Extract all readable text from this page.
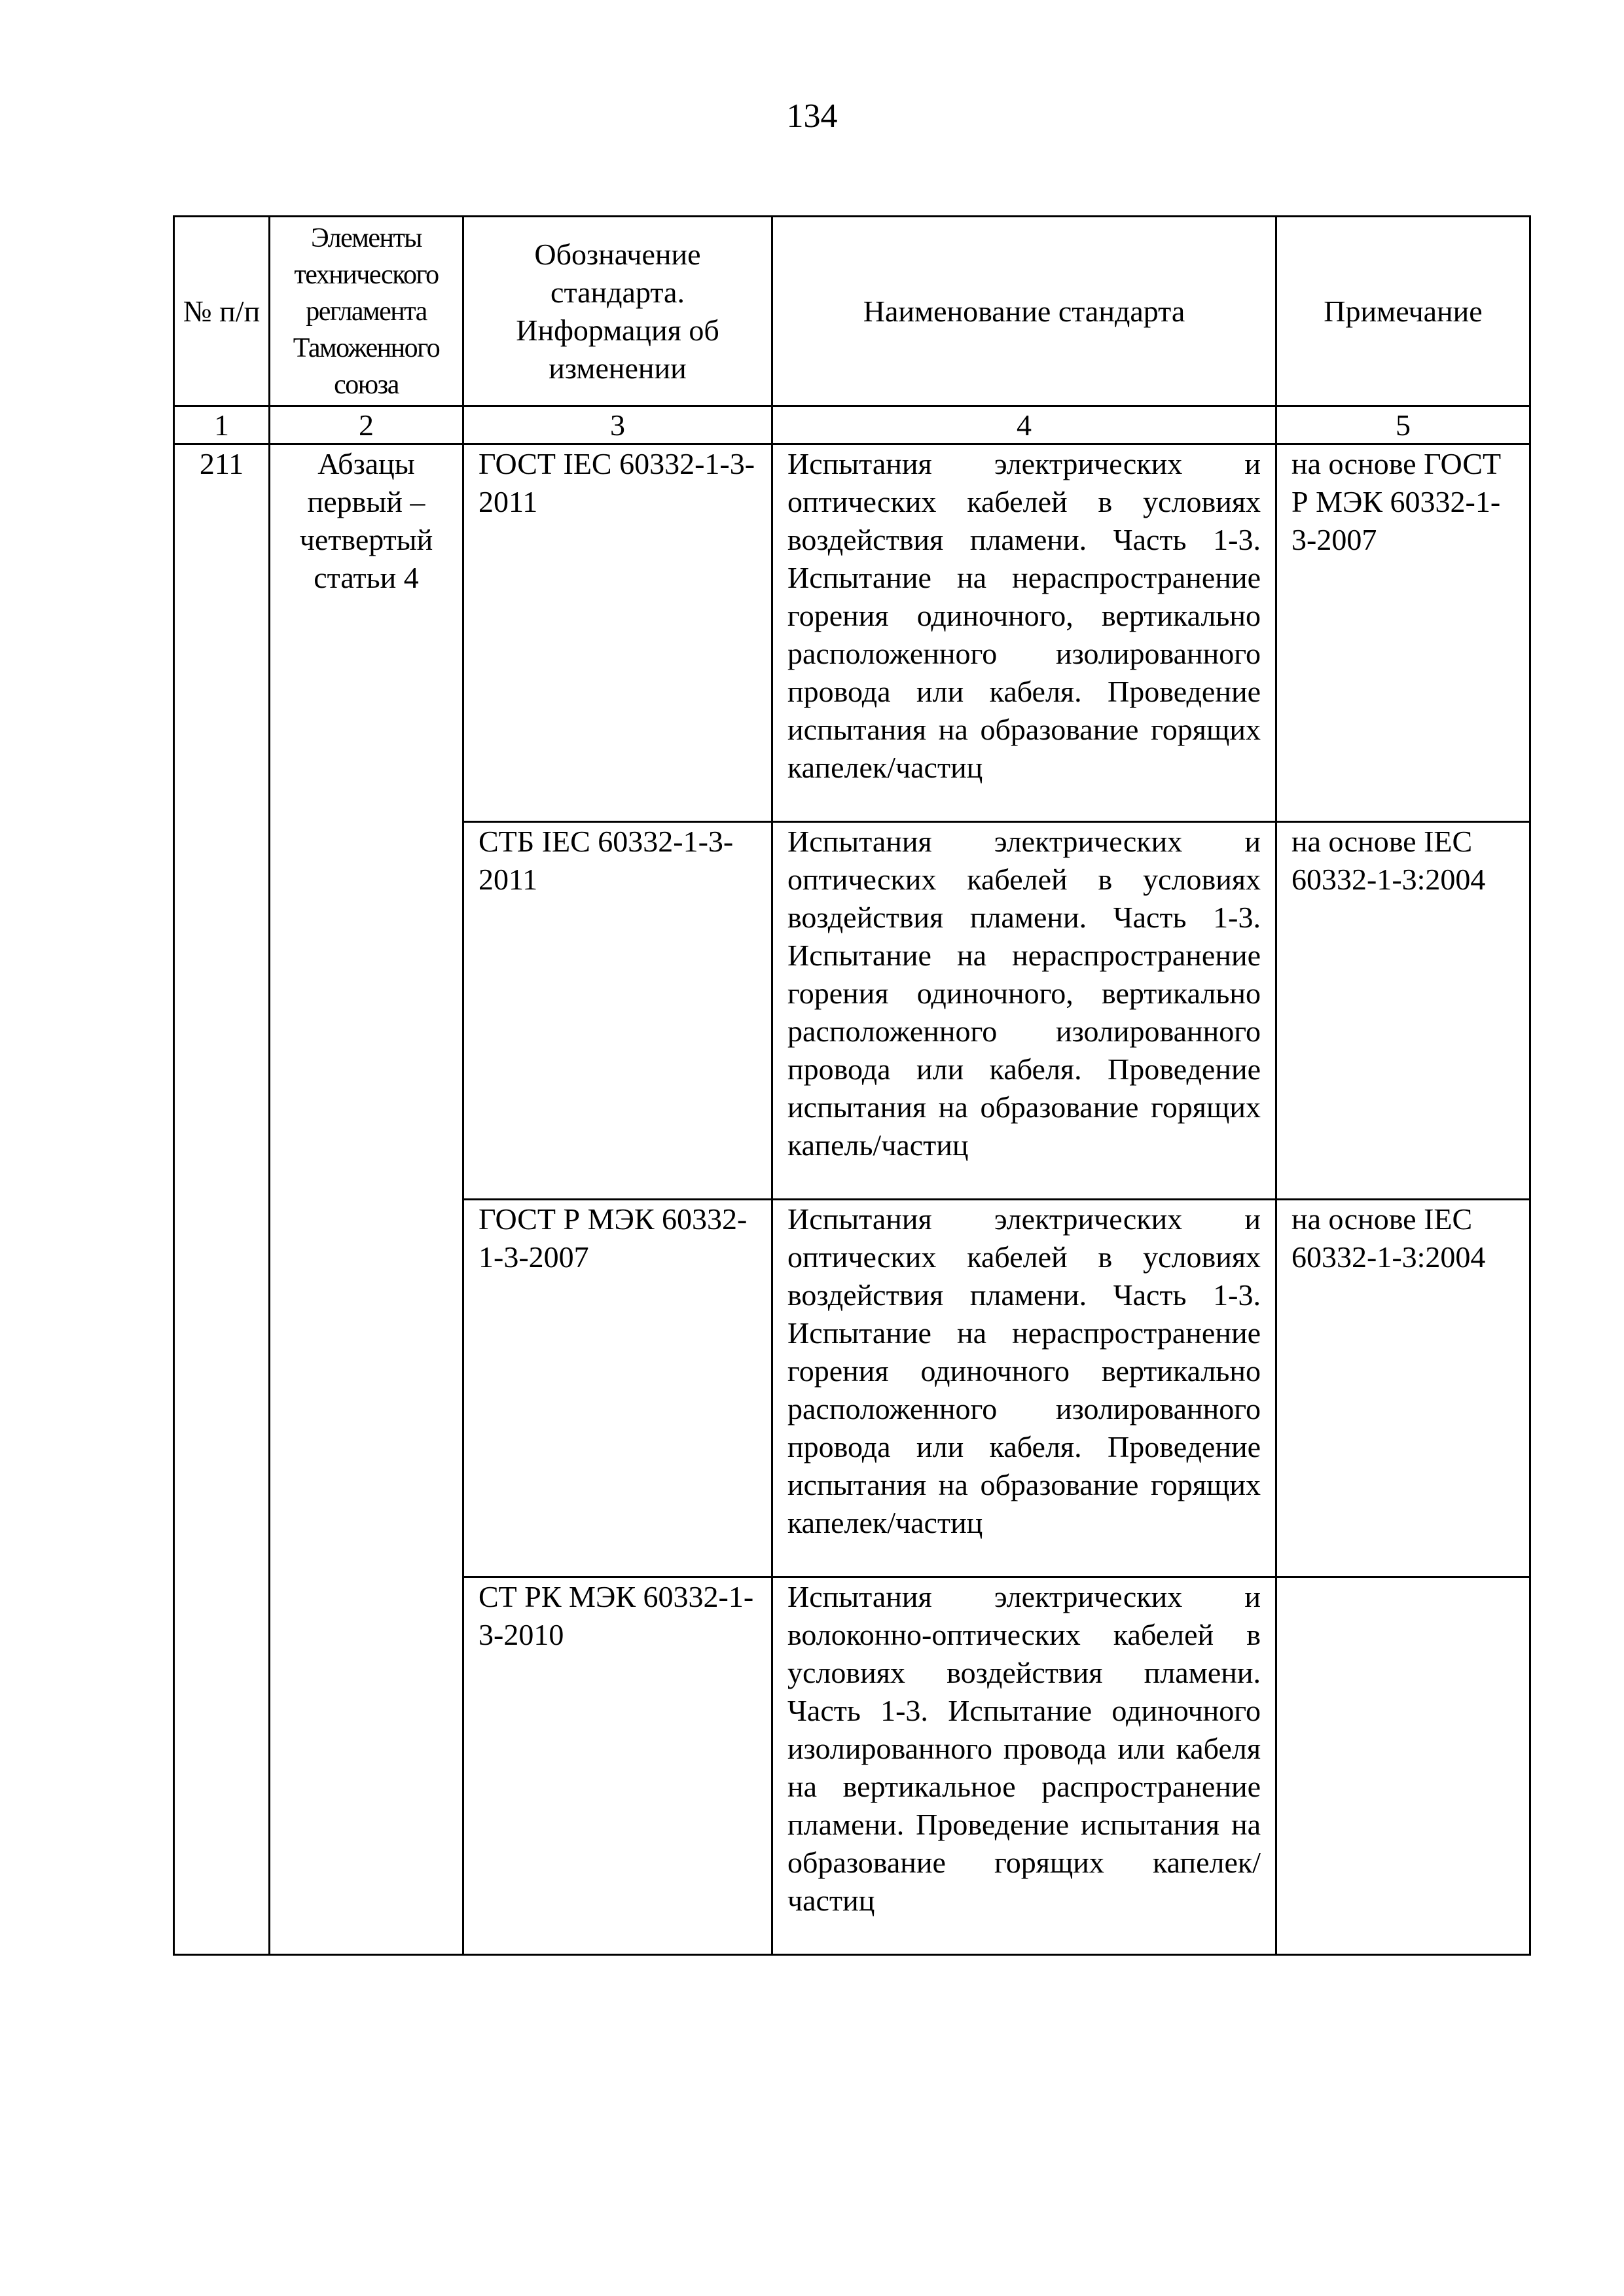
134
№ п/п	Элементы технического регламента Таможенного союза	Обозначение стандарта. Информация об изменении	Наименование стандарта	Примечание
1	2	3	4	5
211	Абзацы первый – четвертый статьи 4	ГОСТ IEC 60332-1-3-2011	Испытания электрических и оптических кабелей в условиях воздействия пламени. Часть 1-3. Испытание на нераспространение горения одиночного, вертикально расположенного изолированного провода или кабеля. Проведение испытания на образование горящих капелек/частиц	на основе ГОСТ Р МЭК 60332-1-3-2007
		СТБ IEC 60332-1-3-2011	Испытания электрических и оптических кабелей в условиях воздействия пламени. Часть 1-3. Испытание на нераспространение горения одиночного, вертикально расположенного изолированного провода или кабеля. Проведение испытания на образование горящих капель/частиц	на основе IEC 60332-1-3:2004
		ГОСТ Р МЭК 60332-1-3-2007	Испытания электрических и оптических кабелей в условиях воздействия пламени. Часть 1-3. Испытание на нераспространение горения одиночного вертикально расположенного изолированного провода или кабеля. Проведение испытания на образование горящих капелек/частиц	на основе IEC 60332-1-3:2004
		СТ РК МЭК 60332-1-3-2010	Испытания электрических и волоконно-оптических кабелей в условиях воздействия пламени. Часть 1-3. Испытание одиночного изолированного провода или кабеля на вертикальное распространение пламени. Проведение испытания на образование горящих капелек/частиц	
